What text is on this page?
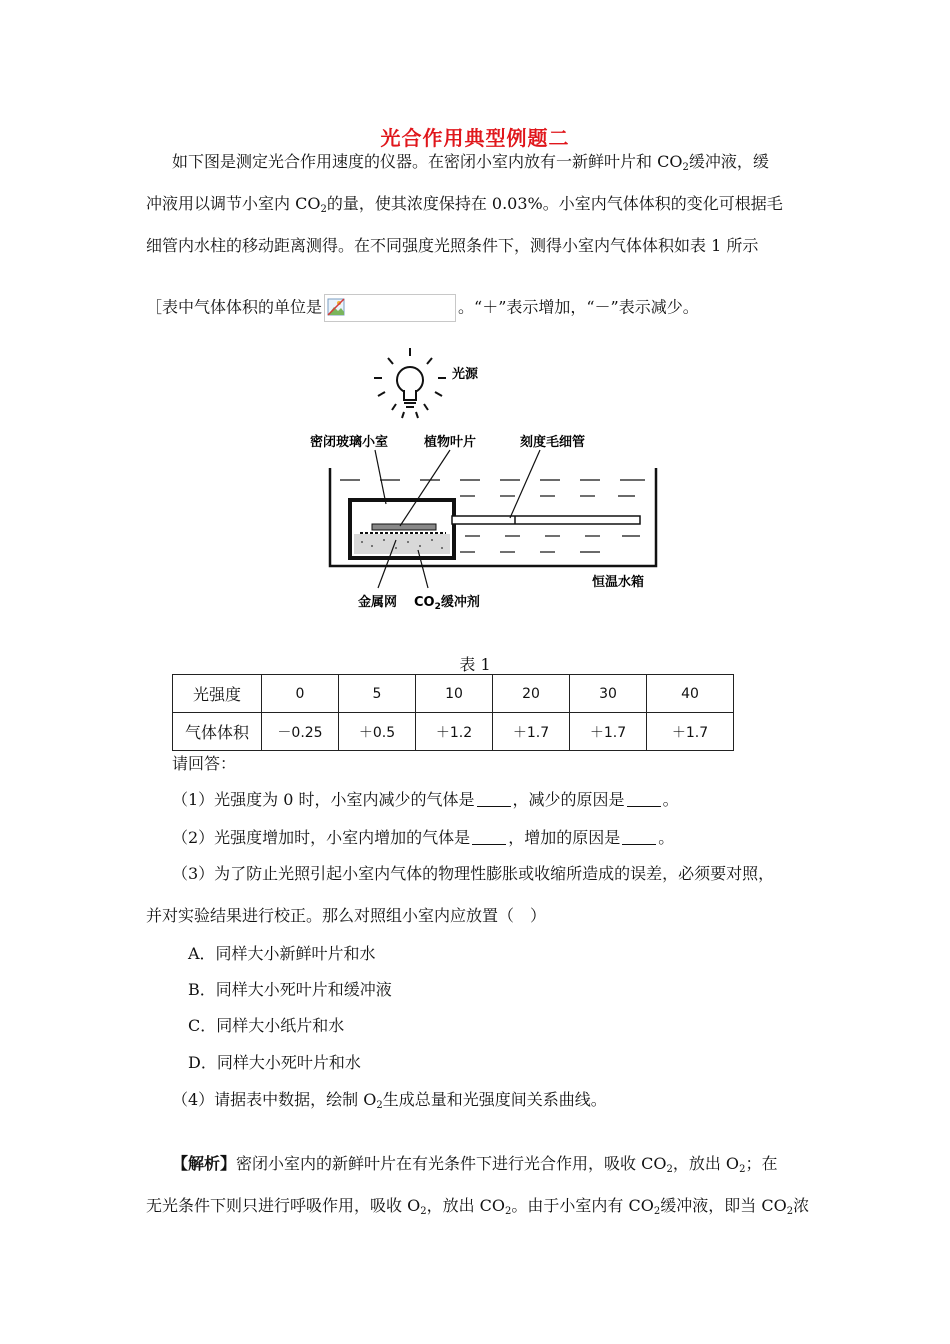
光合作用典型例题二
如下图是测定光合作用速度的仪器。在密闭小室内放有一新鲜叶片和 $CO_2$缓冲液，缓
冲液用以调节小室内 $CO_2$的量，使其浓度保持在 0.03%。小室内气体体积的变化可根据毛
细管内水柱的移动距离测得。在不同强度光照条件下，测得小室内气体体积如表 1 所示
［表中气体体积的单位是	。“＋”表示增加，“－”表示减少。
光源
密闭玻璃小室	植物叶片	刻度毛细管
恒温水箱
金属网 $CO_2$缓冲剂
表 1
光强度	0	5	10	20	30	40
气体体积	－0.25	＋0.5	＋1.2	＋1.7	＋1.7	＋1.7
请回答：
（1）光强度为 0 时，小室内减少的气体是 ，减少的原因是 。
（2）光强度增加时，小室内增加的气体是 ，增加的原因是 。
（3）为了防止光照引起小室内气体的物理性膨胀或收缩所造成的误差，必须要对照，
并对实验结果进行校正。那么对照组小室内应放置（　）
A．同样大小新鲜叶片和水
B．同样大小死叶片和缓冲液
C．同样大小纸片和水
D．同样大小死叶片和水
（4）请据表中数据，绘制 $O_2$生成总量和光强度间关系曲线。
【解析】密闭小室内的新鲜叶片在有光条件下进行光合作用，吸收 $CO_2$，放出 $O_2$；在
无光条件下则只进行呼吸作用，吸收 $O_2$，放出 $CO_2$。由于小室内有 $CO_2$缓冲液，即当 $CO_2$浓
